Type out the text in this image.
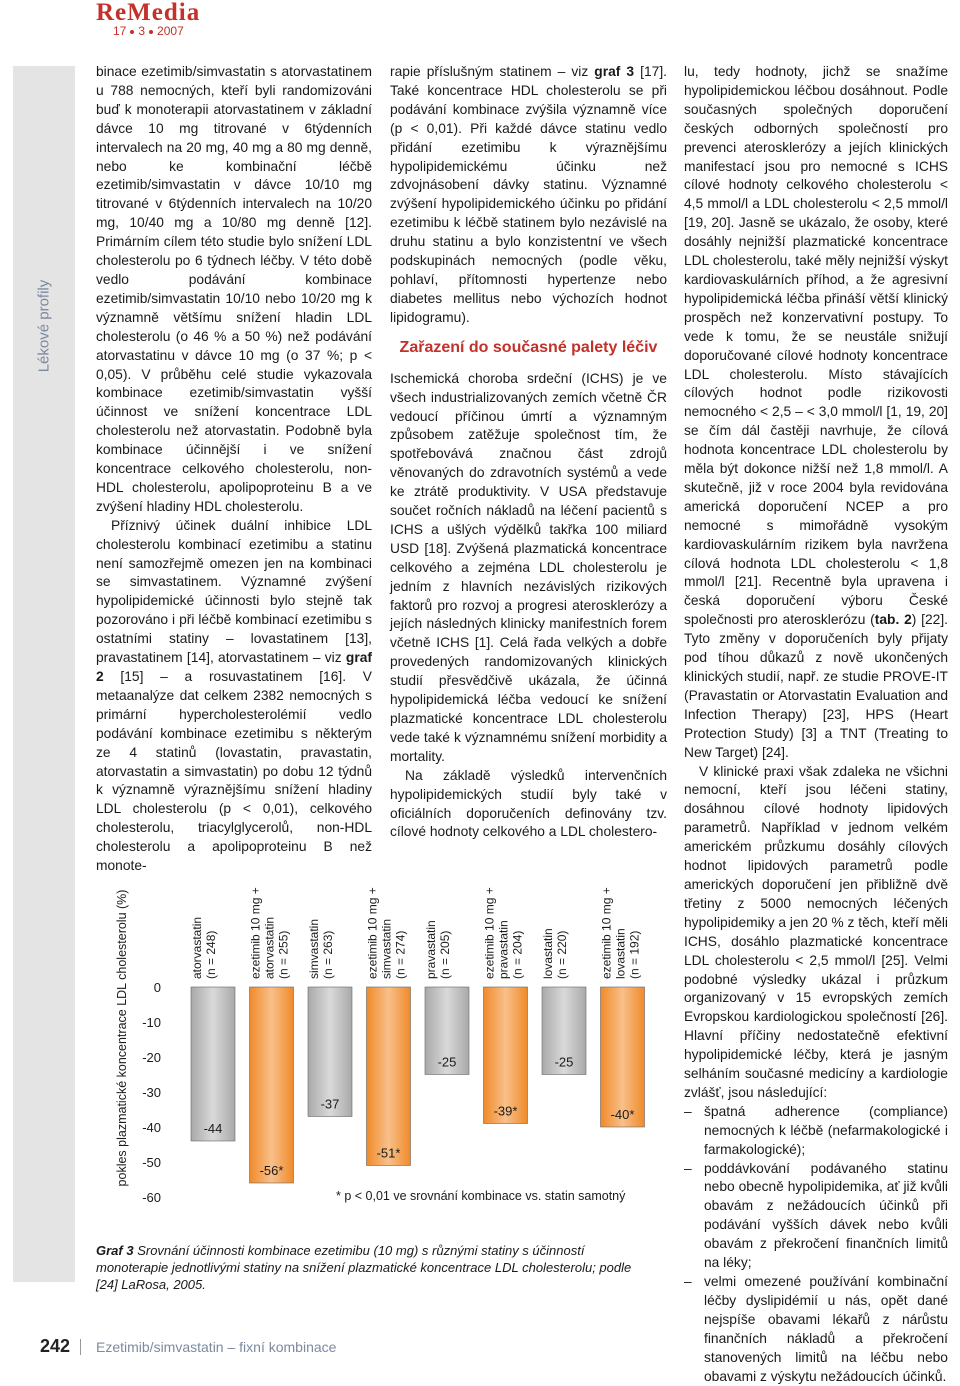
ReMedia
17 3 2007
Lékové profily

binace ezetimib/simvastatin s atorvastatinem u 788 nemocných, kteří byli randomizováni buď k monoterapii atorvastatinem v základní dávce 10 mg titrované v 6týdenních intervalech na 20 mg, 40 mg a 80 mg denně, nebo ke kombinační léčbě ezetimib/simvastatin v dávce 10/10 mg titrované v 6týdenních intervalech na 10/20 mg, 10/40 mg a 10/80 mg denně [12]. Primárním cílem této studie bylo snížení LDL cholesterolu po 6 týdnech léčby. V této době vedlo podávání kombinace ezetimib/simvastatin 10/10 nebo 10/20 mg k významně většímu snížení hladin LDL cholesterolu (o 46 % a 50 %) než podávání atorvastatinu v dávce 10 mg (o 37 %; p < 0,05). V průběhu celé studie vykazovala kombinace ezetimib/simvastatin vyšší účinnost ve snížení koncentrace LDL cholesterolu než atorvastatin. Podobně byla kombinace účinnější i ve snížení koncentrace celkového cholesterolu, non-HDL cholesterolu, apolipoproteinu B a ve zvýšení hladiny HDL cholesterolu.

Příznivý účinek duální inhibice LDL cholesterolu kombinací ezetimibu a statinu není samozřejmě omezen jen na kombinaci se simvastatinem. Významné zvýšení hypolipidemické účinnosti bylo stejně tak pozorováno i při léčbě kombinací ezetimibu s ostatními statiny – lovastatinem [13], pravastatinem [14], atorvastatinem – viz graf 2 [15] – a rosuvastatinem [16]. V metaanalýze dat celkem 2382 nemocných s primární hypercholesterolémií vedlo podávání kombinace ezetimibu s některým ze 4 statinů (lovastatin, pravastatin, atorvastatin a simvastatin) po dobu 12 týdnů k významně výraznějšímu snížení hladiny LDL cholesterolu (p < 0,01), celkového cholesterolu, triacylglycerolů, non-HDL cholesterolu a apolipoproteinu B než monote-

rapie příslušným statinem – viz graf 3 [17]. Také koncentrace HDL cholesterolu se při podávání kombinace zvýšila významně více (p < 0,01). Při každé dávce statinu vedlo přidání ezetimibu k výraznějšímu hypolipidemickému účinku než zdvojnásobení dávky statinu. Významné zvýšení hypolipidemického účinku po přidání ezetimibu k léčbě statinem bylo nezávislé na druhu statinu a bylo konzistentní ve všech podskupinách nemocných (podle věku, pohlaví, přítomnosti hypertenze nebo diabetes mellitus nebo výchozích hodnot lipidogramu).

Zařazení do současné palety léčiv

Ischemická choroba srdeční (ICHS) je ve všech industrializovaných zemích včetně ČR vedoucí příčinou úmrtí a významným způsobem zatěžuje společnost tím, že spotřebovává značnou část zdrojů věnovaných do zdravotních systémů a vede ke ztrátě produktivity. V USA představuje součet ročních nákladů na léčení pacientů s ICHS a ušlých výdělků takřka 100 miliard USD [18]. Zvýšená plazmatická koncentrace celkového a zejména LDL cholesterolu je jedním z hlavních nezávislých rizikových faktorů pro rozvoj a progresi aterosklerózy a jejích následných klinicky manifestních forem včetně ICHS [1]. Celá řada velkých a dobře provedených randomizovaných klinických studií přesvědčivě ukázala, že účinná hypolipidemická léčba vedoucí ke snížení plazmatické koncentrace LDL cholesterolu vede také k významnému snížení morbidity a mortality.

Na základě výsledků intervenčních hypolipidemických studií byly také v oficiálních doporučeních definovány tzv. cílové hodnoty celkového a LDL cholestero-

lu, tedy hodnoty, jichž se snažíme hypolipidemickou léčbou dosáhnout. Podle současných společných doporučení českých odborných společností pro prevenci aterosklerózy a jejích klinických manifestací jsou pro nemocné s ICHS cílové hodnoty celkového cholesterolu < 4,5 mmol/l a LDL cholesterolu < 2,5 mmol/l [19, 20]. Jasně se ukázalo, že osoby, které dosáhly nejnižší plazmatické koncentrace LDL cholesterolu, také měly nejnižší výskyt kardiovaskulárních příhod, a že agresivní hypolipidemická léčba přináší větší klinický prospěch než konzervativní postupy. To vede k tomu, že se neustále snižují doporučované cílové hodnoty koncentrace LDL cholesterolu. Místo stávajících cílových hodnot podle rizikovosti nemocného < 2,5 – < 3,0 mmol/l [1, 19, 20] se čím dál častěji navrhuje, že cílová hodnota koncentrace LDL cholesterolu by měla být dokonce nižší než 1,8 mmol/l. A skutečně, již v roce 2004 byla revidována americká doporučení NCEP a pro nemocné s mimořádně vysokým kardiovaskulárním rizikem byla navržena cílová hodnota LDL cholesterolu < 1,8 mmol/l [21]. Recentně byla upravena i česká doporučení výboru České společnosti pro aterosklerózu (tab. 2) [22]. Tyto změny v doporučeních byly přijaty pod tíhou důkazů z nově ukončených klinických studií, např. ze studie PROVE-IT (Pravastatin or Atorvastatin Evaluation and Infection Therapy) [23], HPS (Heart Protection Study) [3] a TNT (Treating to New Target) [24].

V klinické praxi však zdaleka ne všichni nemocní, kteří jsou léčeni statiny, dosáhnou cílové hodnoty lipidových parametrů. Například v jednom velkém americkém průzkumu dosáhly cílových hodnot lipidových parametrů podle amerických doporučení jen přibližně dvě třetiny z 5000 nemocných léčených hypolipidemiky a jen 20 % z těch, kteří měli ICHS, dosáhlo plazmatické koncentrace LDL cholesterolu < 2,5 mmol/l [25]. Velmi podobné výsledky ukázal i průzkum organizovaný v 15 evropských zemích Evropskou kardiologickou společností [26]. Hlavní příčiny nedostatečně efektivní hypolipidemické léčby, která je jasným selháním současné medicíny a kardiologie zvlášť, jsou následující:

– špatná adherence (compliance) nemocných k léčbě (nefarmakologické i farmakologické);
– poddávkování podávaného statinu nebo obecně hypolipidemika, ať již kvůli obavám z nežádoucích účinků při podávání vyšších dávek nebo kvůli obavám z překročení finančních limitů na léky;
– velmi omezené používání kombinační léčby dyslipidémií u nás, opět dané nejspíše obavami lékařů z nárůstu finančních nákladů a překročení stanovených limitů na léčbu nebo obavami z výskytu nežádoucích účinků.
pokles plazmatické koncentrace LDL cholesterolu (%) 0
-10
-20
-30
-40
-50
-60
atorvastatin (n = 248)	ezetimib 10 mg + atorvastatin (n = 255) simvastatin (n = 263)	ezetimib 10 mg + simvastatin (n = 274) pravastatin (n = 205)	ezetimib 10 mg + pravastatin (n = 204) lovastatin (n = 220)	ezetimib 10 mg + lovastatin (n = 192)
-44
-56*
-37
-51*
-25
-39*
-25
-40*
* p < 0,01 ve srovnání kombinace vs. statin samotný
Graf 3 Srovnání účinnosti kombinace ezetimibu (10 mg) s různými statiny s účinností monoterapie jednotlivými statiny na snížení plazmatické koncentrace LDL cholesterolu; podle [24] LaRosa, 2005.
242 Ezetimib/simvastatin – fixní kombinace
